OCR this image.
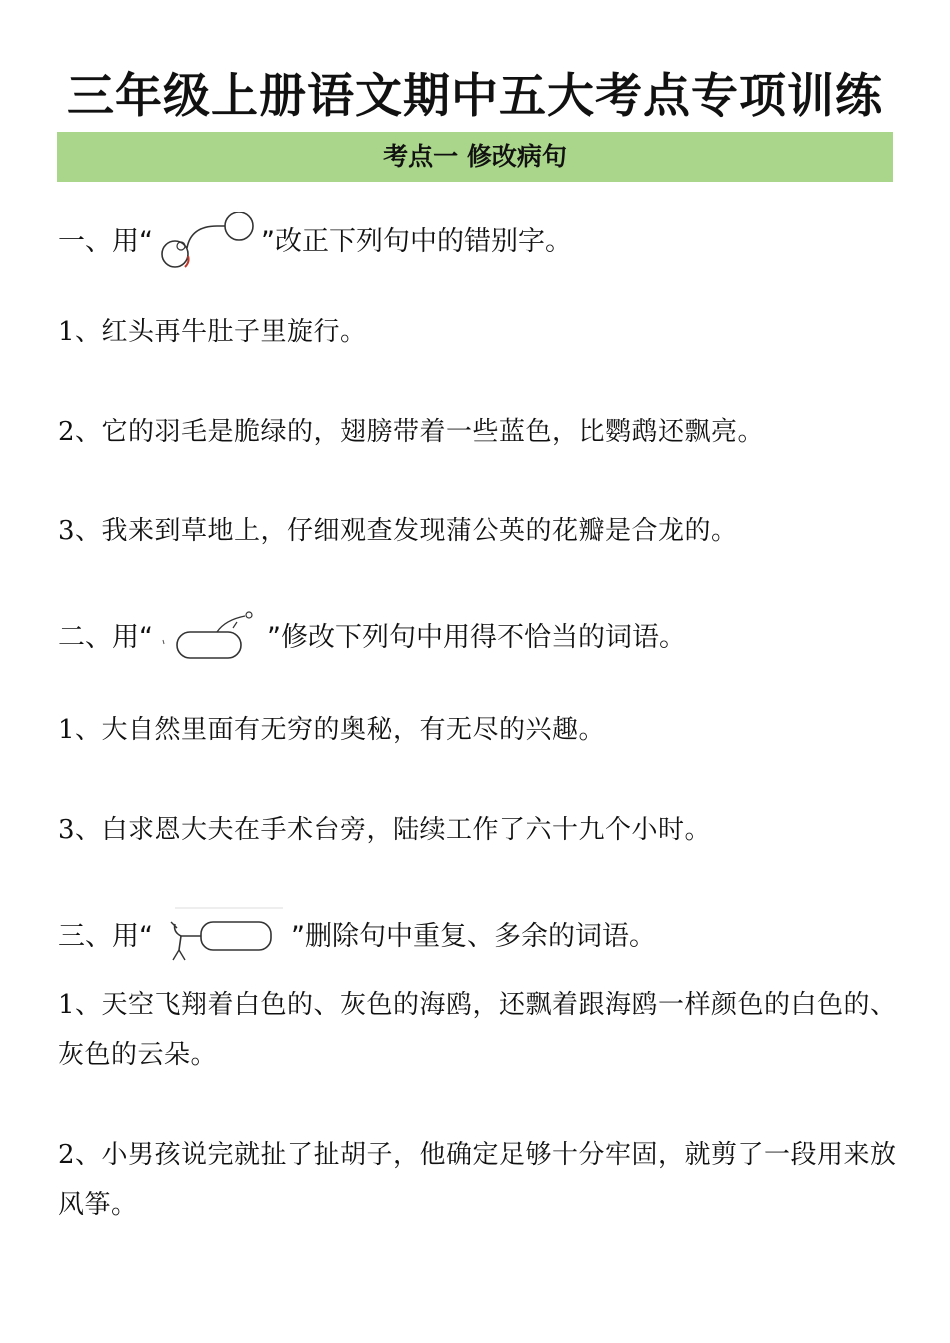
三年级上册语文期中五大考点专项训练
考点一 修改病句
一、用 “	” 改正下列句中的错别字。

1、红头再牛肚子里旋行。

2、它的羽毛是脆绿的，翅膀带着一些蓝色，比鹦鹉还飘亮。

3、我来到草地上，仔细观查发现蒲公英的花瓣是合龙的。

二、用 “	” 修改下列句中用得不恰当的词语。

1、大自然里面有无穷的奥秘，有无尽的兴趣。

3、白求恩大夫在手术台旁，陆续工作了六十九个小时。

三、用 “	” 删除句中重复、多余的词语。

1、天空飞翔着白色的、灰色的海鸥，还飘着跟海鸥一样颜色的白色的、灰色的云朵。

2、小男孩说完就扯了扯胡子，他确定足够十分牢固，就剪了一段用来放风筝。
